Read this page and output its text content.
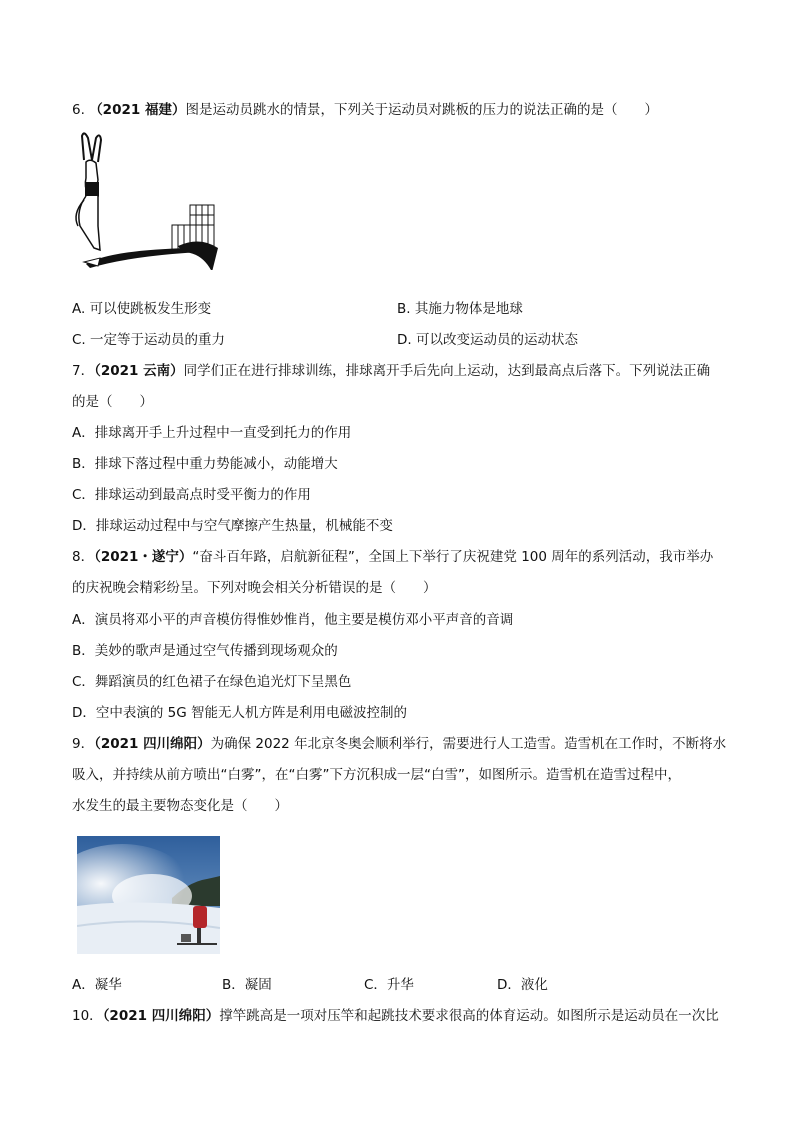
6. （2021 福建）图是运动员跳水的情景，下列关于运动员对跳板的压力的说法正确的是（　　）
A. 可以使跳板发生形变	B. 其施力物体是地球
C. 一定等于运动员的重力	D. 可以改变运动员的运动状态
7．（2021 云南）同学们正在进行排球训练，排球离开手后先向上运动，达到最高点后落下。下列说法正确
的是（　　）
A．排球离开手上升过程中一直受到托力的作用
B．排球下落过程中重力势能减小，动能增大
C．排球运动到最高点时受平衡力的作用
D．排球运动过程中与空气摩擦产生热量，机械能不变
8．（2021・遂宁）“奋斗百年路，启航新征程”，全国上下举行了庆祝建党 100 周年的系列活动，我市举办
的庆祝晚会精彩纷呈。下列对晚会相关分析错误的是（　　）
A．演员将邓小平的声音模仿得惟妙惟肖，他主要是模仿邓小平声音的音调
B．美妙的歌声是通过空气传播到现场观众的
C．舞蹈演员的红色裙子在绿色追光灯下呈黑色
D．空中表演的 5G 智能无人机方阵是利用电磁波控制的
9．（2021 四川绵阳）为确保 2022 年北京冬奥会顺利举行，需要进行人工造雪。造雪机在工作时，不断将水
吸入，并持续从前方喷出“白雾”，在“白雾”下方沉积成一层“白雪”，如图所示。造雪机在造雪过程中，
水发生的最主要物态变化是（　　）
A．凝华	B．凝固	C．升华	D．液化
10．（2021 四川绵阳）撑竿跳高是一项对压竿和起跳技术要求很高的体育运动。如图所示是运动员在一次比
